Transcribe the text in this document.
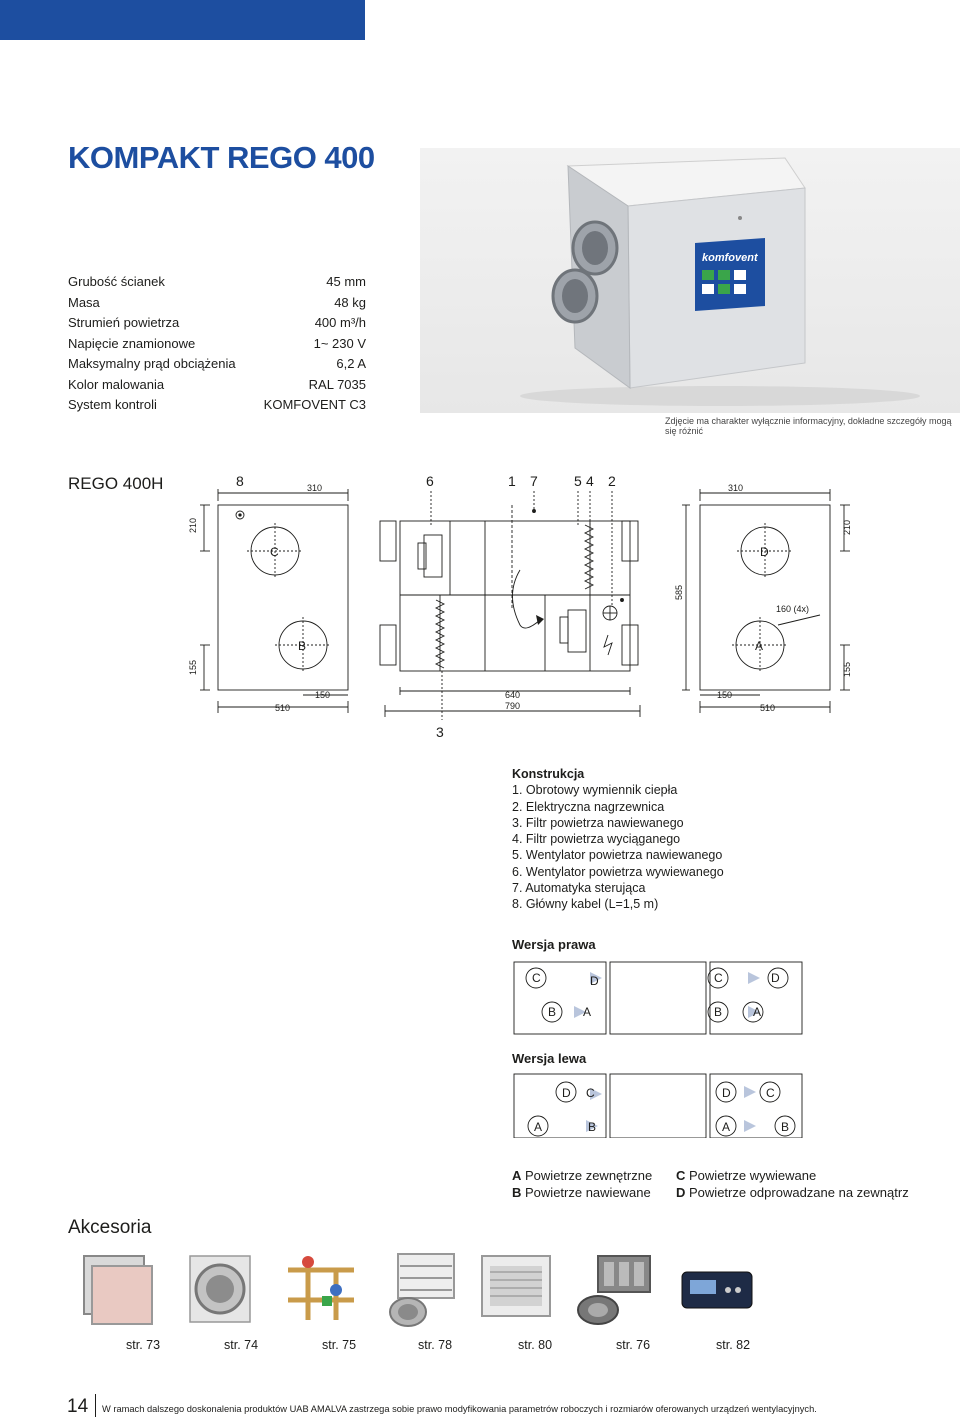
KOMPAKT REGO 400
Grubość ścianek	45 mm
Masa	48 kg
Strumień powietrza	400 m³/h
Napięcie znamionowe	1~ 230 V
Maksymalny prąd obciążenia	6,2 A
Kolor malowania	RAL 7035
System kontroli	KOMFOVENT C3
komfovent
Zdjęcie ma charakter wyłącznie informacyjny, dokładne szczegóły mogą się różnić
REGO 400H	8	6	1 7	5 4 2
3
310	310
C
B
210
155
585
D
A
160 (4x)
210
155
510
150	640
790
150
510
Konstrukcja
1. Obrotowy wymiennik ciepła
2. Elektryczna nagrzewnica
3. Filtr powietrza nawiewanego
4. Filtr powietrza wyciąganego
5. Wentylator powietrza nawiewanego
6. Wentylator powietrza wywiewanego
7. Automatyka sterująca
8. Główny kabel (L=1,5 m)
Wersja prawa
Wersja lewa
C	D
B A
C	D
B	A
D C
A	B
D	C
A	B
A Powietrze zewnętrzne
B Powietrze nawiewane
C Powietrze wywiewane
D Powietrze odprowadzane na zewnątrz
Akcesoria
str. 73	str. 74	str. 75	str. 78	str. 80	str. 76	str. 82
14 W ramach dalszego doskonalenia produktów UAB AMALVA zastrzega sobie prawo modyfikowania parametrów roboczych i rozmiarów oferowanych urządzeń wentylacyjnych.
